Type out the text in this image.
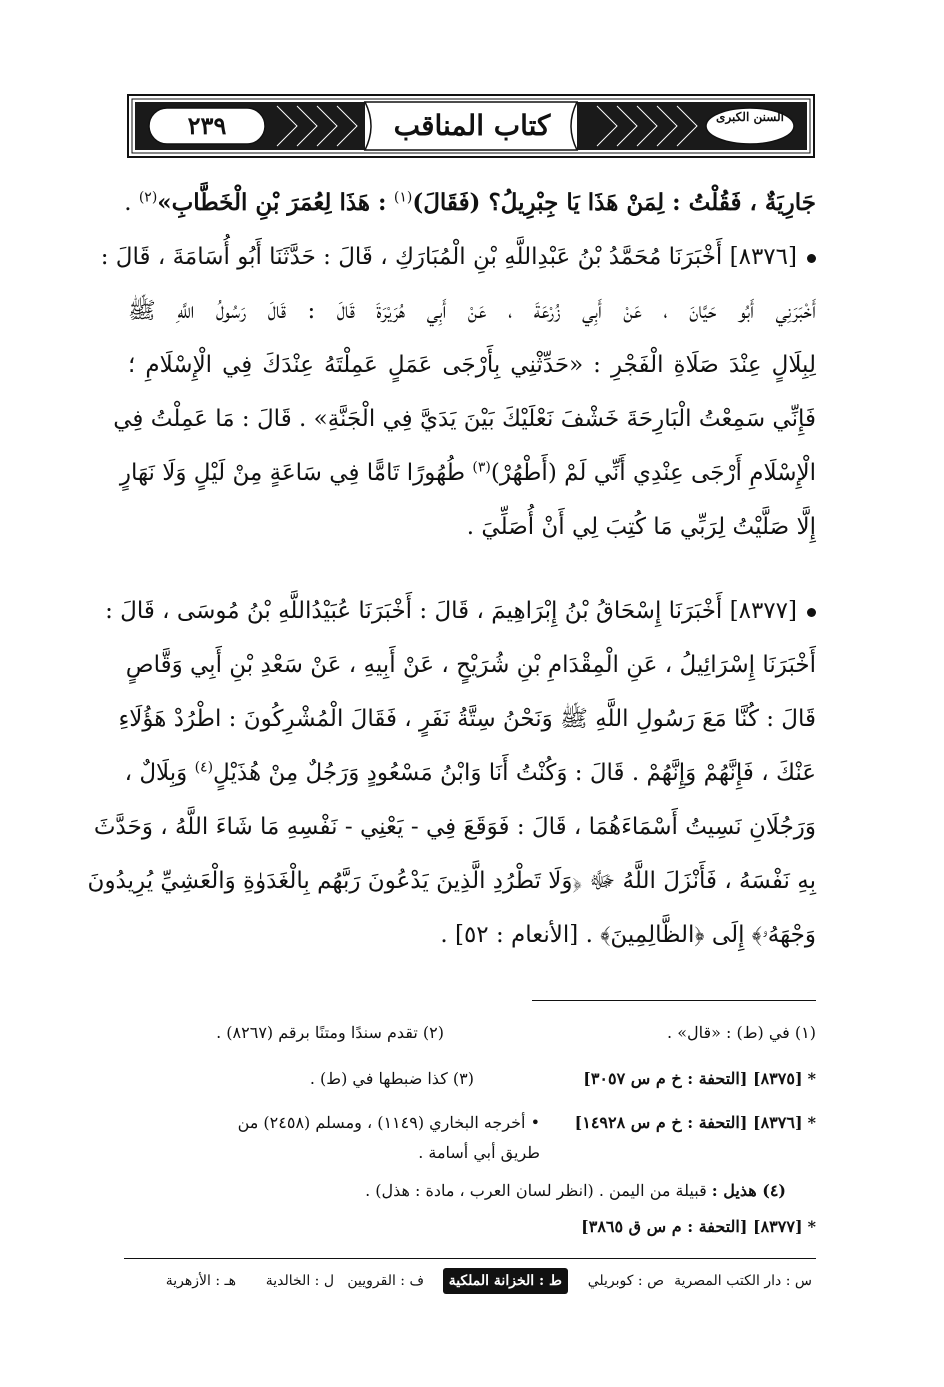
٢٣٩	كتاب المناقب	السنن الكبرى
جَارِيَةٌ ، فَقُلْتُ : لِمَنْ هَذَا يَا جِبْرِيلُ؟ (فَقَالَ)$^{(١)}$ : هَذَا لِعُمَرَ بْنِ الْخَطَّابِ»$^{(٢)}$ .
[٨٣٧٦] أَخْبَرَنَا مُحَمَّدُ بْنُ عَبْدِاللَّهِ بْنِ الْمُبَارَكِ ، قَالَ : حَدَّثَنَا أَبُو أُسَامَةَ ، قَالَ :
أَخْبَرَنِي أَبُو حَيَّانَ ، عَنْ أَبِي زُرْعَةَ ، عَنْ أَبِي هُرَيْرَةَ قَالَ : قَالَ رَسُولُ اللَّهِ ﷺ
لِبِلَالٍ عِنْدَ صَلَاةِ الْفَجْرِ : «حَدِّثْنِي بِأَرْجَى عَمَلٍ عَمِلْتَهُ عِنْدَكَ فِي الْإِسْلَامِ ؛
فَإِنِّي سَمِعْتُ الْبَارِحَةَ خَشْفَ نَعْلَيْكَ بَيْنَ يَدَيَّ فِي الْجَنَّةِ» . قَالَ : مَا عَمِلْتُ فِي
الْإِسْلَامِ أَرْجَى عِنْدِي أَنِّي لَمْ (أَطْهُرْ)$^{(٣)}$ طُهُورًا تَامًّا فِي سَاعَةٍ مِنْ لَيْلٍ وَلَا نَهَارٍ
إِلَّا صَلَّيْتُ لِرَبِّي مَا كُتِبَ لِي أَنْ أُصَلِّيَ .
[٨٣٧٧] أَخْبَرَنَا إِسْحَاقُ بْنُ إِبْرَاهِيمَ ، قَالَ : أَخْبَرَنَا عُبَيْدُاللَّهِ بْنُ مُوسَى ، قَالَ :
أَخْبَرَنَا إِسْرَائِيلُ ، عَنِ الْمِقْدَامِ بْنِ شُرَيْحٍ ، عَنْ أَبِيهِ ، عَنْ سَعْدِ بْنِ أَبِي وَقَّاصٍ
قَالَ : كُنَّا مَعَ رَسُولِ اللَّهِ ﷺ وَنَحْنُ سِتَّةُ نَفَرٍ ، فَقَالَ الْمُشْرِكُونَ : اطْرُدْ هَؤُلَاءِ
عَنْكَ ، فَإِنَّهُمْ وَإِنَّهُمْ . قَالَ : وَكُنْتُ أَنَا وَابْنُ مَسْعُودٍ وَرَجُلٌ مِنْ هُذَيْلٍ$^{(٤)}$ وَبِلَالٌ ،
وَرَجُلَانِ نَسِيتُ أَسْمَاءَهُمَا ، قَالَ : فَوَقَعَ فِي - يَعْنِي - نَفْسِهِ مَا شَاءَ اللَّهُ ، وَحَدَّثَ
بِهِ نَفْسَهُ ، فَأَنْزَلَ اللَّهُ ﷻ ﴿وَلَا تَطْرُدِ الَّذِينَ يَدْعُونَ رَبَّهُم بِالْغَدَوٰةِ وَالْعَشِيِّ يُرِيدُونَ
وَجْهَهُۥ﴾ إِلَى ﴿الظَّالِمِينَ﴾ . [الأنعام : ٥٢] .
(١) في (ط) : «قال» .
(٢) تقدم سندًا ومتنًا برقم (٨٢٦٧) .
* [٨٣٧٥] [التحفة : خ م س ٣٠٥٧]
(٣) كذا ضبطها في (ط) .
* [٨٣٧٦] [التحفة : خ م س ١٤٩٢٨]
• أخرجه البخاري (١١٤٩) ، ومسلم (٢٤٥٨) من
طريق أبي أسامة .
(٤) هذيل : قبيلة من اليمن . (انظر لسان العرب ، مادة : هذل) .
* [٨٣٧٧] [التحفة : م س ق ٣٨٦٥]
س : دار الكتب المصرية
ص : كوبريلي
ط : الخزانة الملكية
ف : القرويين
ل : الخالدية
هـ : الأزهرية
